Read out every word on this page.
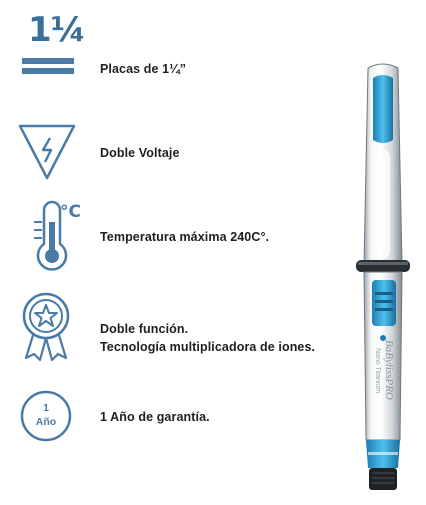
1¼
Placas de 1¼”
Doble Voltaje
°C
Temperatura máxima 240C°.
Doble función.
Tecnología multiplicadora de iones.
1
Año	1 Año de garantía.
BaBylissPRO
Nano Titanium
